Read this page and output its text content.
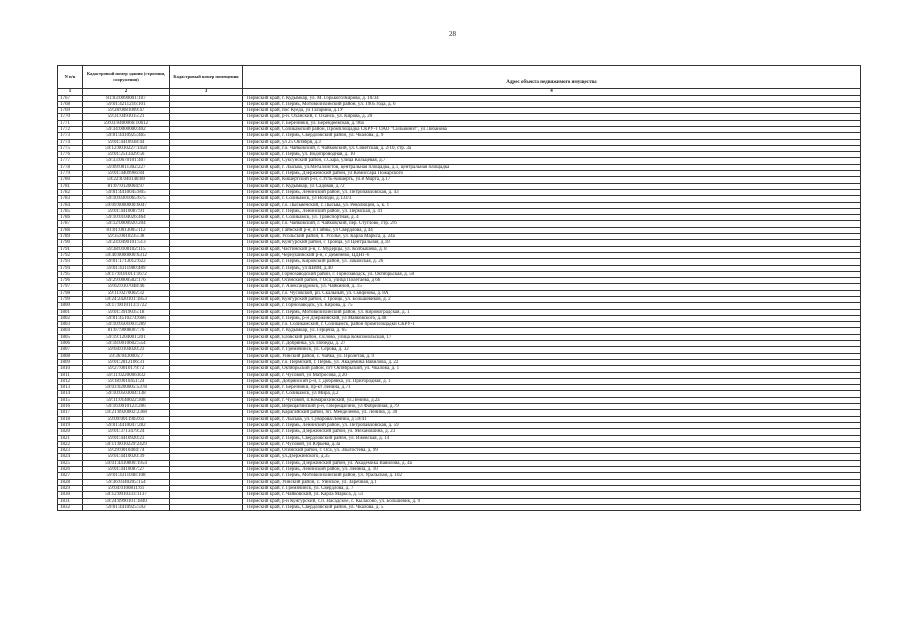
28
N п/п	Кадастровый номер здания (строения, сооружения)	Кадастровый номер помещения	Адрес объекта недвижимого имущества
1	2	3	4
1767	81:03:0090001:107		Пермский край, г. Кудымкар, ул. М. Горького/Кирова, д. 10/34
1768	59:01:4211216:101		Пермский край, г. Пермь, Мотовилихинский район, ул. 1905 года, д. 6
1769	59:28:0081009:47		Пермский край, пос Куеда, ул Гагарина, д.1У
1770	59:31:0491015:21		Пермский край, р-н. Оханский, г. Оханск, ул. Кирова, д. 20
1771	59:03:0400066:10612		Пермский край, г. Березники, ул. Берендеевская, д. 96а
1772	59:34:0000000:402		Пермский край, Соликамский район, Промплощадка СКРУ-1 ОАО "Сильвинит", ул Лобанова
1773	59:01:4410925:465		Пермский край, г. Пермь, Свердловский район, ул. Чкалова, д. 9
1774	59:01:4410938:44		Пермский край, ул 25 Октября, д.3
1775	59:12:0010227:1458		Пермский край, г.о. Чайковский, г. Чайковский, ул. Советская, д. 2/10, стр. 3а
1776	59:01:2513429:56		Пермский край, г. Пермь, ул. Водопроводная, д. 10
1777	59:33:0670101:407		Пермский край, Суксунский район, с.Сыра, улица Кольцевая, д.7
1778	59:09:0011302:227		Пермский край, г. Лысьва, ул.Металлистов, центральная площадка, д.1, центральная площадка
1779	59:01:4409966:84		Пермский край, г. Пермь, Дзержинский район, ул Комиссара Пожарского
1780	59:22:0.040148:80		Пермский край, Кишертский р-н, с.Усть-Кишерть, ул.8 Марта, д.17
1781	81:07:0120004:97		Пермский край, г. Кудымкар, ул Садовая, д.72
1782	59:01:4410045:805		Пермский край, г. Пермь, Ленинский район, ул. Петропавловская, д. 43
1783	59:10:0301065:675		Пермский край, г. Соликамск, ул Володи, д.133/3
1784	59:09:0000000:6047		Пермский край, г.о. Лысьвенский, г. Лысьва, ул. Революции, 5, к. 1
1785	59:01:4410087:91		Пермский край, г. Пермь, Ленинский район, ул. Пермская, д. 41
1786	59:10:0104026:464		Пермский край, г. Соликамск, ул. Транспортная, д. 4
1787	59:12:0000920:204		Пермский край, г.о. Чайковский, г. Чайковский, пер. Стуглово, стр. 2/6
1788	81:01:0013005:112		Пермский край, Гайнский р-н, п Гайны, ул Свердлова, д 44
1789	59:35:0010235:38		Пермский край, Усольский район, п. Усолье, ул. Карла Маркса, д. 24а
1790	59:24:0490101:513		Пермский край, Кунгурский район, с Троица, ул Центральная, д.18
1791	59:38:0100102:115		Пермский край, Частинский р-н, с. Мудерцы, ул. Колбышева, д. 8
1792	59:40:0000000:6312		Пермский край, Чернушинский р-н, с Деменево, ЦДНГ-6
1793	59:01:1713012:622		Пермский край, г. Пермь, Кировский район, ул. Закамская, д. 26
1794	59:01:4311980:489		Пермский край, г. Пермь, ул ШИМ, д.40
1795	59:17:0101011:1672		Пермский край, Горнозаводский район, г. Горнозаводск, ул. Октябрьская, д. 50
1796	59:29:0000582:176		Пермский край, Осинский район, г Оса, улица Полетаева, д 66
1797	59:02:0107048:46		Пермский край, г. Александровск, ул. Чайкиной, д. 15
1798	59:11:0270002:32		Пермский край, г.о. Чусовской, рп. Скальный, ул. Смирнова, д. 8А
1799	59:24:2420101:1853		Пермский край, Кунгурский район, с Троицк, ул. Большевиков, д. 2
1800	59:17:0010113:1722		Пермский край, г. Горнозаводск, ул. Кирова, д. 75
1801	59:01:3919035:18		Пермский край, г. Пермь, Мотовилихинский район, ул. Кировоградская, д. 1
1802	59:01:4510274:666		Пермский край, г. Пермь, р-н Дзержинский, ул Маяковского, д.48
1803	59:10:0501003:289		Пермский край, г.о. Соликамский, г. Соликамск, район промплощадки СКРУ-1
1804	81:07:9008007:76		Пермский край, г. Кудымкар, ул. Герцена, д. 65
1805	59:19:1204001:201		Пермский край, Еловский район, с.Елово, улица Комсомольская, 17
1806	59:18:0010602:554		Пермский край, г. Добрянка, ул. Победы, д. 27
1807	59:04:0104020:23		Пермский край, г. Гремячинск, ул. Серова, д. 32
1808	59:36:0430005:7		Пермский край, Уинский район, с. Чайка, ул. Пролетая, д. 9
1809	59:01:2812106:31		Пермский край, г.о. Пермский, г. Пермь, ул. Академика Вавилова, д. 22
1810	59:27:0010179:72		Пермский край, Октябрьский район, пгт Октябрьский, ул. Чкалова, д. 1
1811	59:11:0220006:832		Пермский край, г. Чусовой, ул Матросова, д 20
1812	59:18:0010451:24		Пермский край, Добрянский р-н, г. Добрянка, ул. Пригородная, д. 1
1813	59:03:0200005:5378		Пермский край, г. Березники, пр-кт Ленина, д.71
1814	59:10:0503004:138		Пермский край, г. Соликамск, ул Мира, д.2
1815	59:11:0140022:308		Пермский край, г. Чусовой, п.Комарихинский, ул.Ленина, д.2а
1816	59:16:0010123:206		Пермский край, Верещагинский р-н, г.Верещагино, ул Фабричная, д.79
1817	59:21:0920002:2368		Пермский край, Карагайский район, пп. Менделеево, ул. Ленина, д. 30
1818	59:09:0011903:61		Пермский край, г. Лысьва, ул. Суворова/Ленина, д 59/41
1819	59:01:4410047:282		Пермский край, г. Пермь, Ленинский район, ул. Петропавловская, д. 59
1820	59:01:3713479:24		Пермский край, г. Пермь, Дзержинский район, ул. Механошина, д. 23
1821	59:01:4410920:23		Пермский край, г. Пермь, Свердловский район, ул. Ижевская, д. 14
1822	59:11:0010229:2429		Пермский край, г. Чусовой, ул Юрьева, д.3а
1823	59:29:0010404:74		Пермский край, Осинский район, г. Оса, ул. Злыгостева, д. 99
1824	59:01:4410020:39		Пермский край, ул.Дзержинского, д.35
1825	59:01:4410800:1954		Пермский край, г. Пермь, Дзержинский район, ул. Академика Вавилова, д. 4а
1826	59:01:4410087:27		Пермский край, г. Пермь, Ленинский район, ул. Ленина, д. 10
1827	59:01:4311048:108		Пермский край, г. Пермь, Мотовилихинский район, ул. Уральская, д. 102
1828	59:36:0340205:154		Пермский край, Уинский район, с. Уинское, ул. Заречная, д.1
1829	59:04:0100811:61		Пермский край, г. Гремячинск, ул. Свердлова, д. 7
1830	59:12:0010333:1137		Пермский край, г. Чайковский, ул. Карла Маркса, д. 51
1831	59:24:0990101:1840		Пермский край, р-н Кунгурский, с.п. Насадское, с. Кыласово, ул. Большевик, д. 9
1832	59:01:4410925:592		Пермский край, г. Пермь, Свердловский район, ул. Чкалова, д. 5
